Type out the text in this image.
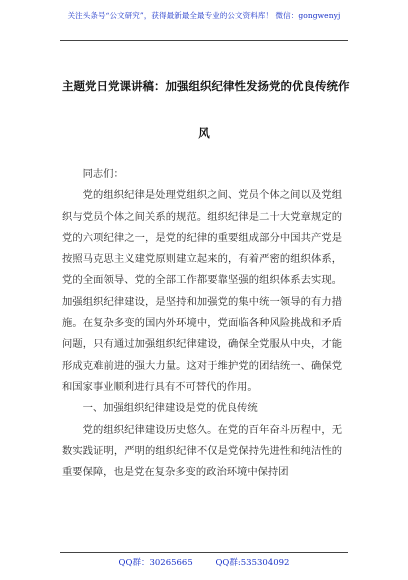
关注头条号“公文研究”，获得最新最全最专业的公文资料库！ 微信：gongwenyj
主题党日党课讲稿：加强组织纪律性发扬党的优良传统作
风

同志们：

党的组织纪律是处理党组织之间、党员个体之间以及党组织与党员个体之间关系的规范。组织纪律是二十大党章规定的党的六项纪律之一，是党的纪律的重要组成部分中国共产党是按照马克思主义建党原则建立起来的，有着严密的组织体系，党的全面领导、党的全部工作都要靠坚强的组织体系去实现。加强组织纪律建设，是坚持和加强党的集中统一领导的有力措施。在复杂多变的国内外环境中，党面临各种风险挑战和矛盾问题，只有通过加强组织纪律建设，确保全党服从中央，才能形成克难前进的强大力量。这对于维护党的团结统一、确保党和国家事业顺利进行具有不可替代的作用。

一、加强组织纪律建设是党的优良传统

党的组织纪律建设历史悠久。在党的百年奋斗历程中，无数实践证明，严明的组织纪律不仅是党保持先进性和纯洁性的重要保障，也是党在复杂多变的政治环境中保持团

QQ群：30265665	QQ群:535304092
